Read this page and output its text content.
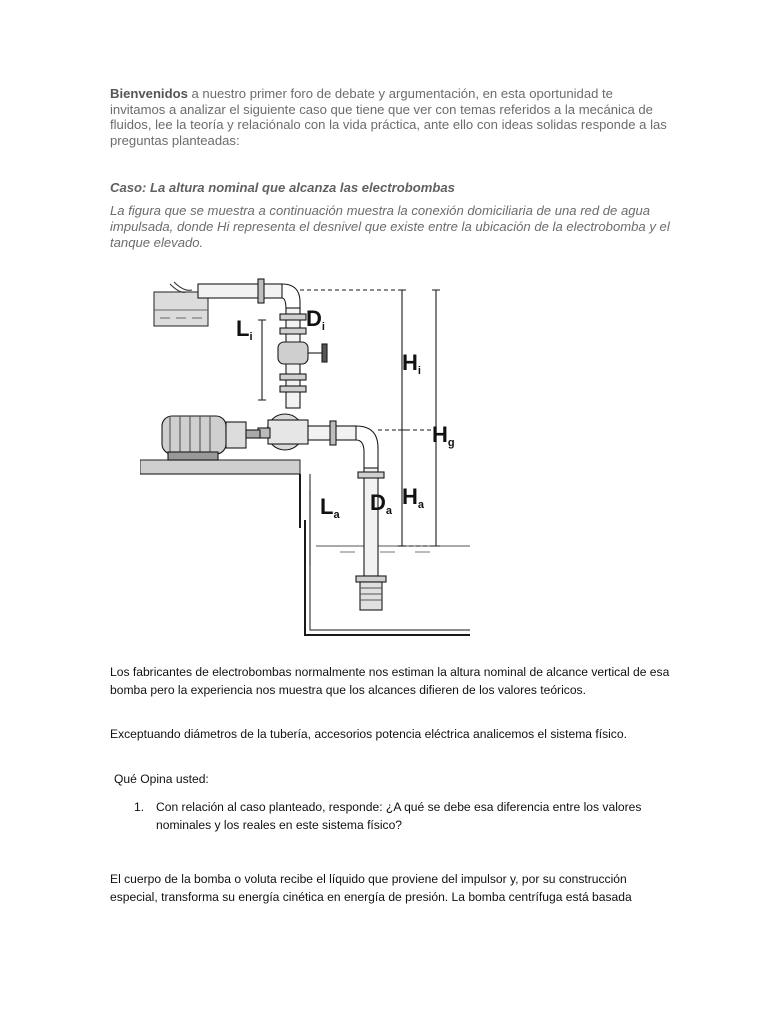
Bienvenidos a nuestro primer foro de debate y argumentación, en esta oportunidad te invitamos a analizar el siguiente caso que tiene que ver con temas referidos a la mecánica de fluidos, lee la teoría y relaciónalo con la vida práctica, ante ello con ideas solidas responde a las preguntas planteadas:
Caso: La altura nominal que alcanza las electrobombas
La figura que se muestra a continuación muestra la conexión domiciliaria de una red de agua impulsada, donde Hi representa el desnivel que existe entre la ubicación de la electrobomba y el tanque elevado.
Li
Di
Hi
Hg
La Da
Ha
Los fabricantes de electrobombas normalmente nos estiman la altura nominal de alcance vertical de esa bomba pero la experiencia nos muestra que los alcances difieren de los valores teóricos.
Exceptuando diámetros de la tubería, accesorios potencia eléctrica analicemos el sistema físico.
Qué Opina usted:
1. Con relación al caso planteado, responde: ¿A qué se debe esa diferencia entre los valores nominales y los reales en este sistema físico?
El cuerpo de la bomba o voluta recibe el líquido que proviene del impulsor y, por su construcción especial, transforma su energía cinética en energía de presión. La bomba centrífuga está basada
